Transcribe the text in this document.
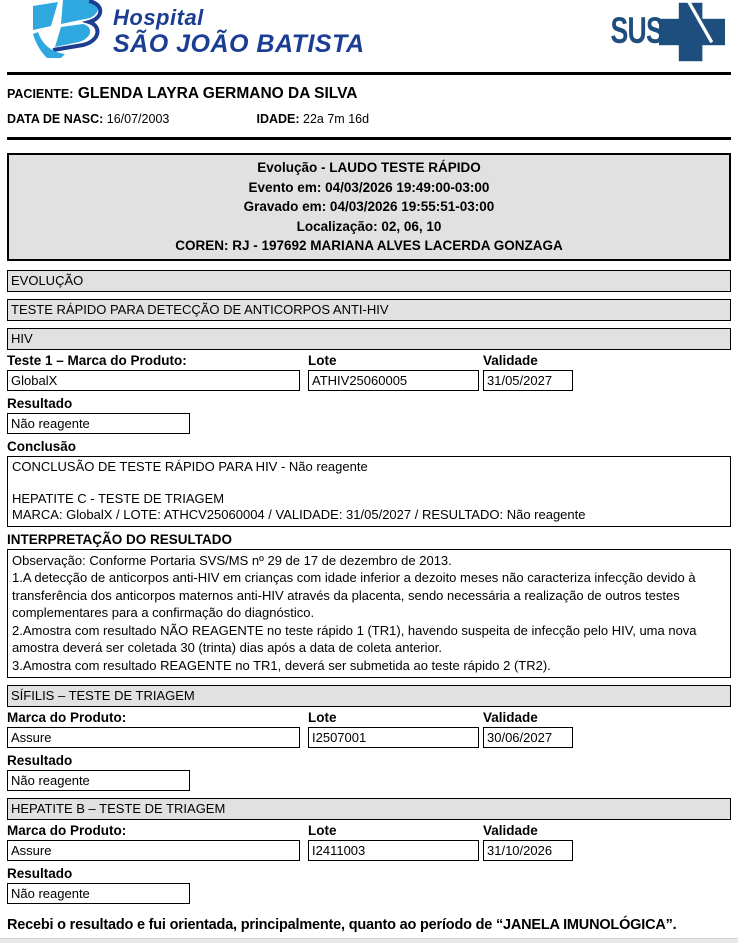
Hospital
SÃO JOÃO BATISTA	SUS
PACIENTE: GLENDA LAYRA GERMANO DA SILVA
DATA DE NASC: 16/07/2003	IDADE: 22a 7m 16d
Evolução - LAUDO TESTE RÁPIDO
Evento em: 04/03/2026 19:49:00-03:00
Gravado em: 04/03/2026 19:55:51-03:00
Localização: 02, 06, 10
COREN: RJ - 197692 MARIANA ALVES LACERDA GONZAGA
EVOLUÇÃO
TESTE RÁPIDO PARA DETECÇÃO DE ANTICORPOS ANTI-HIV
HIV
Teste 1 – Marca do Produto:	Lote	Validade
GlobalX	ATHIV25060005	31/05/2027
Resultado
Não reagente
Conclusão
CONCLUSÃO DE TESTE RÁPIDO PARA HIV - Não reagente

HEPATITE C - TESTE DE TRIAGEM
MARCA: GlobalX / LOTE: ATHCV25060004 / VALIDADE: 31/05/2027 / RESULTADO: Não reagente
INTERPRETAÇÃO DO RESULTADO
Observação: Conforme Portaria SVS/MS nº 29 de 17 de dezembro de 2013.
1.A detecção de anticorpos anti-HIV em crianças com idade inferior a dezoito meses não caracteriza infecção devido à transferência dos anticorpos maternos anti-HIV através da placenta, sendo necessária a realização de outros testes complementares para a confirmação do diagnóstico.
2.Amostra com resultado NÃO REAGENTE no teste rápido 1 (TR1), havendo suspeita de infecção pelo HIV, uma nova amostra deverá ser coletada 30 (trinta) dias após a data de coleta anterior.
3.Amostra com resultado REAGENTE no TR1, deverá ser submetida ao teste rápido 2 (TR2).
SÍFILIS – TESTE DE TRIAGEM
Marca do Produto:	Lote	Validade
Assure	I2507001	30/06/2027
Resultado
Não reagente
HEPATITE B – TESTE DE TRIAGEM
Marca do Produto:	Lote	Validade
Assure	I2411003	31/10/2026
Resultado
Não reagente
Recebi o resultado e fui orientada, principalmente, quanto ao período de “JANELA IMUNOLÓGICA”.
